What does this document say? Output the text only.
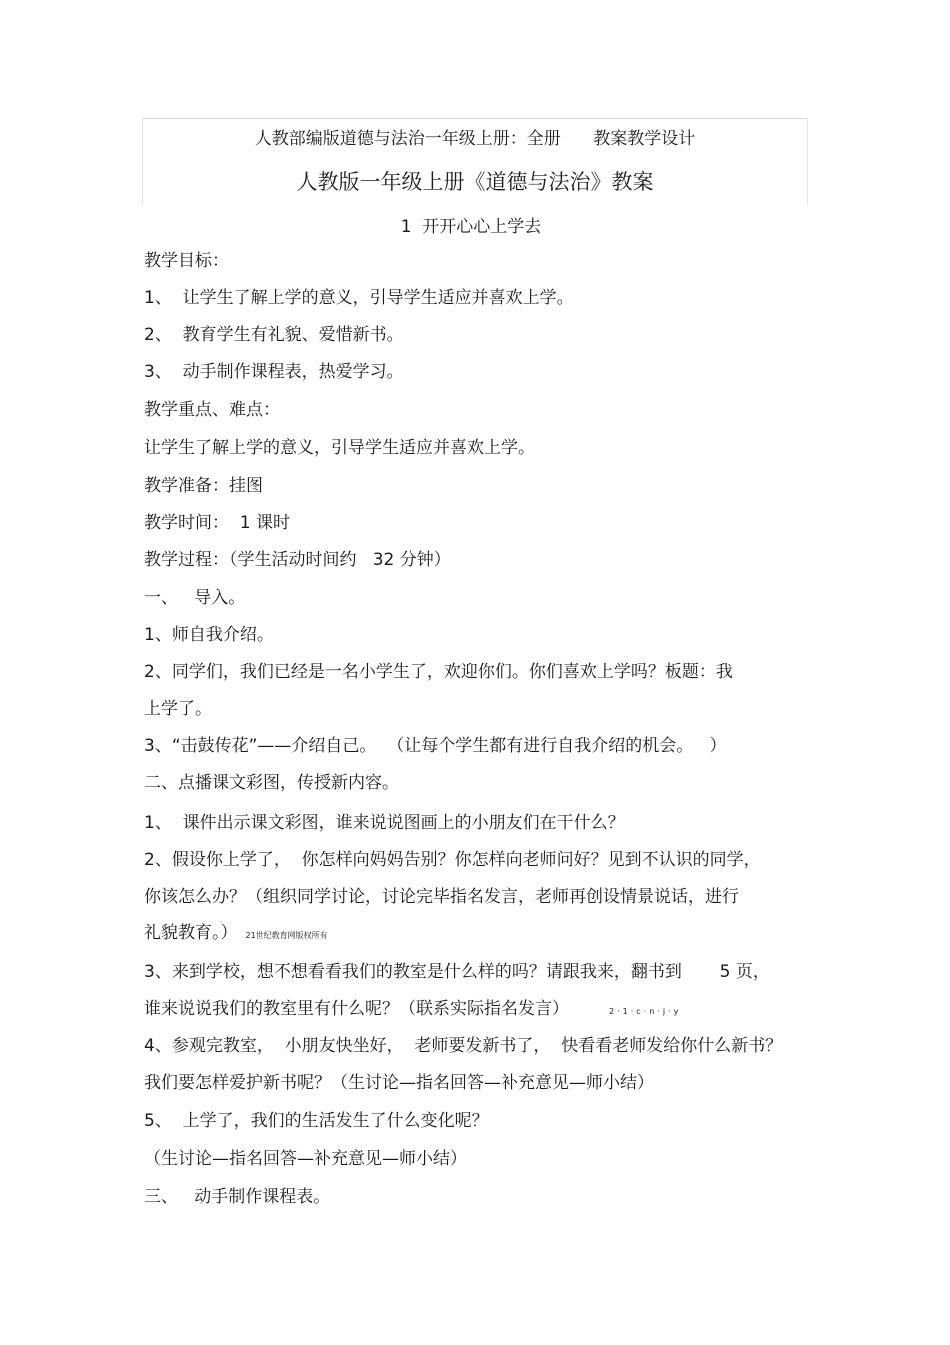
人教部编版道德与法治一年级上册：全册      教案教学设计
人教版一年级上册《道德与法治》教案
1  开开心心上学去
教学目标：
1、  让学生了解上学的意义，引导学生适应并喜欢上学。
2、  教育学生有礼貌、爱惜新书。
3、  动手制作课程表，热爱学习。
教学重点、难点：
让学生了解上学的意义，引导学生适应并喜欢上学。
教学准备：挂图
教学时间：  1 课时
教学过程：（学生活动时间约   32 分钟）
一、   导入。
1、师自我介绍。
2、同学们，我们已经是一名小学生了，欢迎你们。你们喜欢上学吗？板题：我
上学了。
3、“击鼓传花”——介绍自己。  （让每个学生都有进行自我介绍的机会。   ）
二、点播课文彩图，传授新内容。
1、  课件出示课文彩图，谁来说说图画上的小朋友们在干什么？
2、假设你上学了，  你怎样向妈妈告别？你怎样向老师问好？见到不认识的同学，
你该怎么办？（组织同学讨论，讨论完毕指名发言，老师再创设情景说话，进行
礼貌教育。） 21世纪教育网版权所有
3、来到学校，想不想看看我们的教室是什么样的吗？请跟我来，翻书到       5 页，
谁来说说我们的教室里有什么呢？（联系实际指名发言）	2·1·c·n·j·y
4、参观完教室，  小朋友快坐好，  老师要发新书了，  快看看老师发给你什么新书？
我们要怎样爱护新书呢？（生讨论—指名回答—补充意见—师小结）
5、  上学了，我们的生活发生了什么变化呢？
（生讨论—指名回答—补充意见—师小结）
三、   动手制作课程表。
